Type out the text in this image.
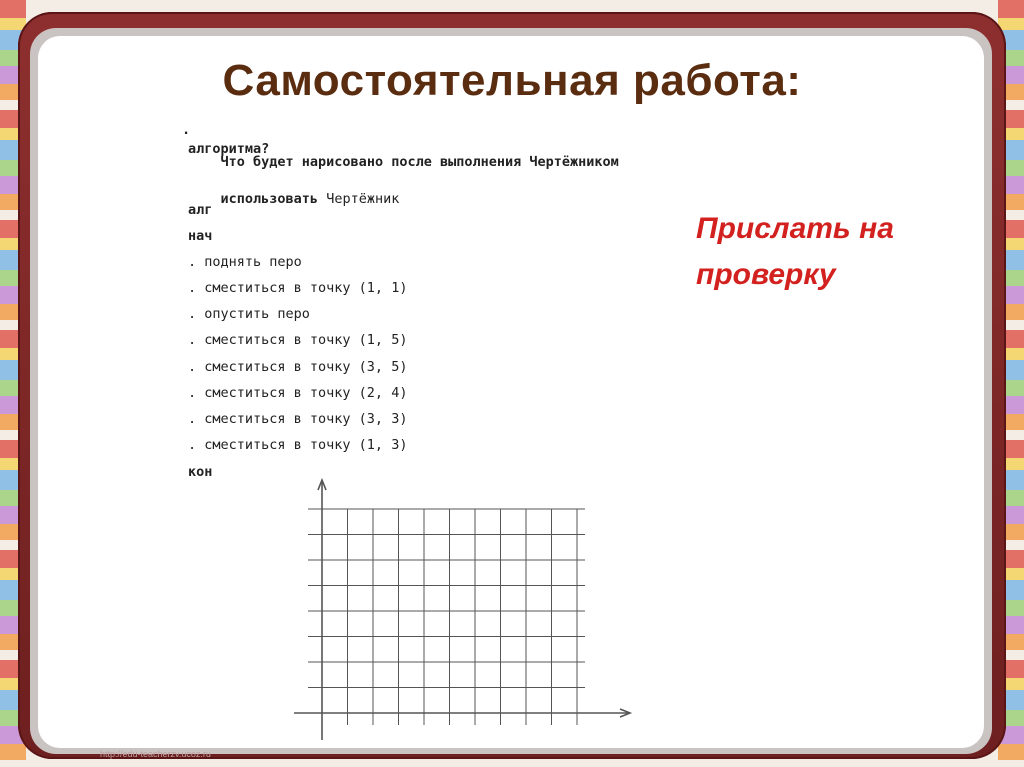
Самостоятельная работа:

.

Что будет нарисовано после выполнения Чертёжником

алгоритма?

использовать Чертёжник

алг
нач
. поднять перо
. сместиться в точку (1, 1)
. опустить перо
. сместиться в точку (1, 5)
. сместиться в точку (3, 5)
. сместиться в точку (2, 4)
. сместиться в точку (3, 3)
. сместиться в точку (1, 3)
кон
Прислать на проверку
http://edu-teacherzv.ucoz.ru
